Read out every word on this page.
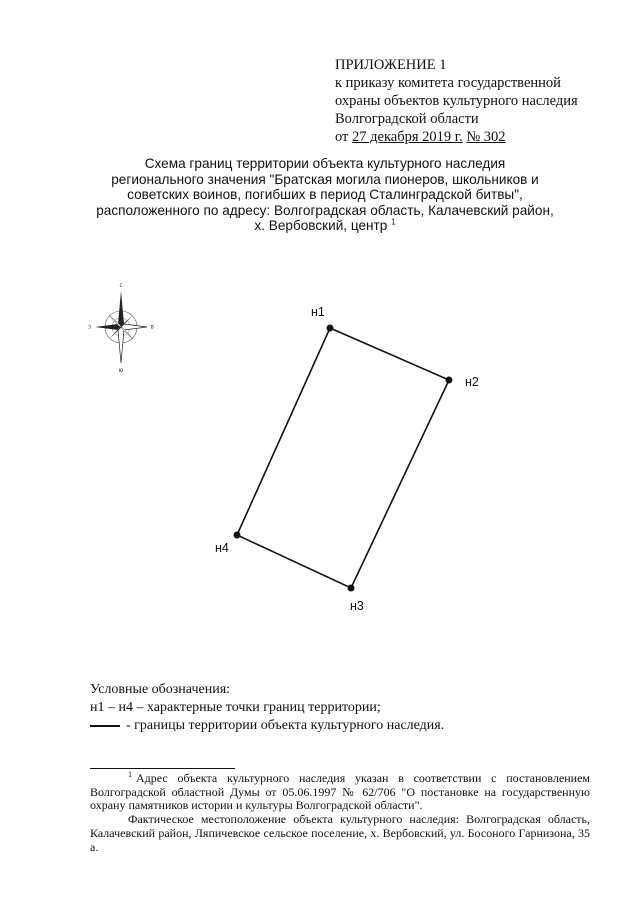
ПРИЛОЖЕНИЕ 1
к приказу комитета государственной
охраны объектов культурного наследия
Волгоградской области
от 27 декабря 2019 г. № 302
Схема границ территории объекта культурного наследия
регионального значения "Братская могила пионеров, школьников и
советских воинов, погибших в период Сталинградской битвы",
расположенного по адресу: Волгоградская область, Калачевский район,
х. Вербовский, центр $^1$
С
Ю
В
З
н1
н2
н3
н4
Условные обозначения:
н1 – н4 – характерные точки границ территории;
- границы территории объекта культурного наследия.

$^1$ Адрес объекта культурного наследия указан в соответствии с постановлением Волгоградской областной Думы от 05.06.1997 № 62/706 "О постановке на государственную охрану памятников истории и культуры Волгоградской области".

Фактическое местоположение объекта культурного наследия: Волгоградская область, Калачевский район, Ляпичевское сельское поселение, х. Вербовский, ул. Босоного Гарнизона, 35 а.
